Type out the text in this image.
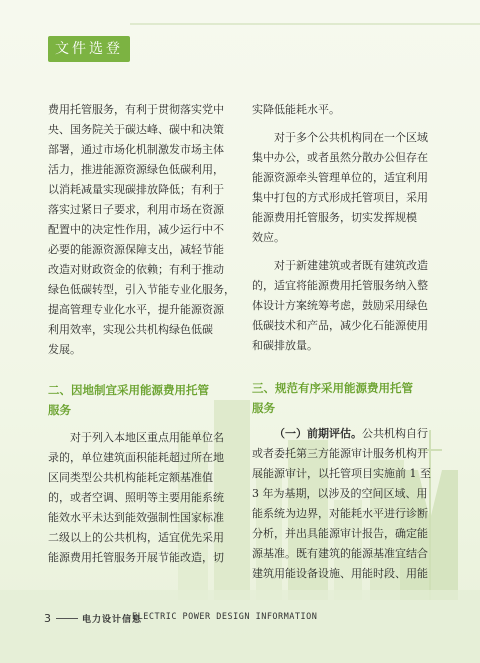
文件选登
费用托管服务，有利于贯彻落实党中
央、国务院关于碳达峰、碳中和决策
部署，通过市场化机制激发市场主体
活力，推进能源资源绿色低碳利用，
以消耗减量实现碳排放降低；有利于
落实过紧日子要求，利用市场在资源
配置中的决定性作用，减少运行中不
必要的能源资源保障支出，减轻节能
改造对财政资金的依赖；有利于推动
绿色低碳转型，引入节能专业化服务，
提高管理专业化水平，提升能源资源
利用效率，实现公共机构绿色低碳
发展。
二、因地制宜采用能源费用托管
服务
对于列入本地区重点用能单位名
录的，单位建筑面积能耗超过所在地
区同类型公共机构能耗定额基准值
的，或者空调、照明等主要用能系统
能效水平未达到能效强制性国家标准
二级以上的公共机构，适宜优先采用
能源费用托管服务开展节能改造，切
实降低能耗水平。
对于多个公共机构同在一个区域
集中办公，或者虽然分散办公但存在
能源资源牵头管理单位的，适宜利用
集中打包的方式形成托管项目，采用
能源费用托管服务，切实发挥规模
效应。
对于新建建筑或者既有建筑改造
的，适宜将能源费用托管服务纳入整
体设计方案统筹考虑，鼓励采用绿色
低碳技术和产品，减少化石能源使用
和碳排放量。
三、规范有序采用能源费用托管
服务
（一）前期评估。公共机构自行
或者委托第三方能源审计服务机构开
展能源审计，以托管项目实施前 1 至
3 年为基期，以涉及的空间区域、用
能系统为边界，对能耗水平进行诊断
分析，并出具能源审计报告，确定能
源基准。既有建筑的能源基准宜结合
建筑用能设备设施、用能时段、用能
3	电力设计信息
ELECTRIC POWER DESIGN INFORMATION
